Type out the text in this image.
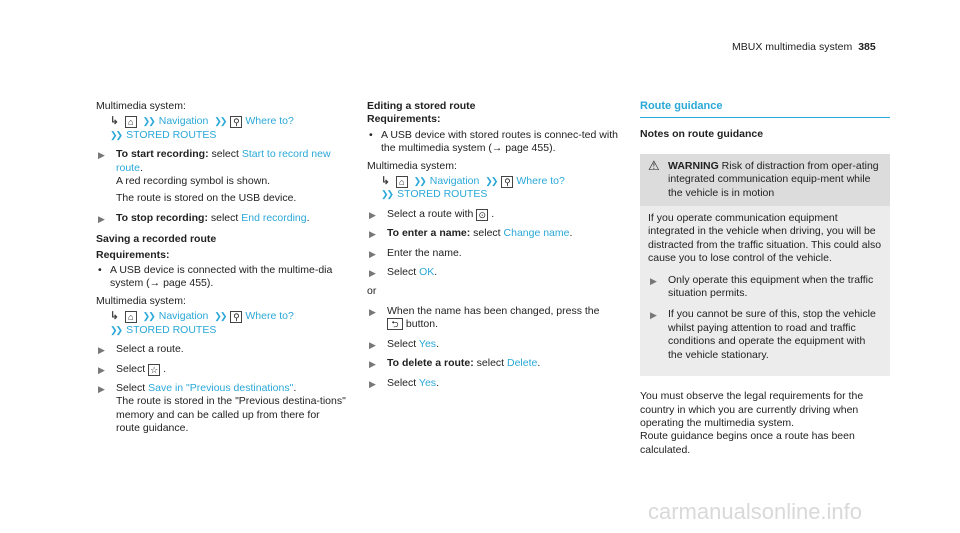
MBUX multimedia system 385
Multimedia system:
↳ ⌂ ❯❯ Navigation ❯❯ ⚲ Where to?
❯❯ STORED ROUTES
▶ To start recording: select Start to record new route.
A red recording symbol is shown.
The route is stored on the USB device.
▶ To stop recording: select End recording.
Saving a recorded route
Requirements:
• A USB device is connected with the multime-dia system (→ page 455).
Multimedia system:
↳ ⌂ ❯❯ Navigation ❯❯ ⚲ Where to?
❯❯ STORED ROUTES
▶ Select a route.
▶ Select ☆ .
▶ Select Save in "Previous destinations".
The route is stored in the "Previous destina-tions" memory and can be called up from there for route guidance.
Editing a stored route
Requirements:
• A USB device with stored routes is connec-ted with the multimedia system (→ page 455).
Multimedia system:
↳ ⌂ ❯❯ Navigation ❯❯ ⚲ Where to?
❯❯ STORED ROUTES
▶ Select a route with ⊙ .
▶ To enter a name: select Change name.
▶ Enter the name.
▶ Select OK.
or
▶ When the name has been changed, press the
⮌ button.
▶ Select Yes.
▶ To delete a route: select Delete.
▶ Select Yes.
Route guidance
Notes on route guidance
⚠ WARNING Risk of distraction from oper-ating integrated communication equip-ment while the vehicle is in motion
If you operate communication equipment integrated in the vehicle when driving, you will be distracted from the traffic situation. This could also cause you to lose control of the vehicle.
▶ Only operate this equipment when the traffic situation permits.
▶ If you cannot be sure of this, stop the vehicle whilst paying attention to road and traffic conditions and operate the equipment with the vehicle stationary.
You must observe the legal requirements for the country in which you are currently driving when operating the multimedia system.
Route guidance begins once a route has been calculated.
carmanualsonline.info
